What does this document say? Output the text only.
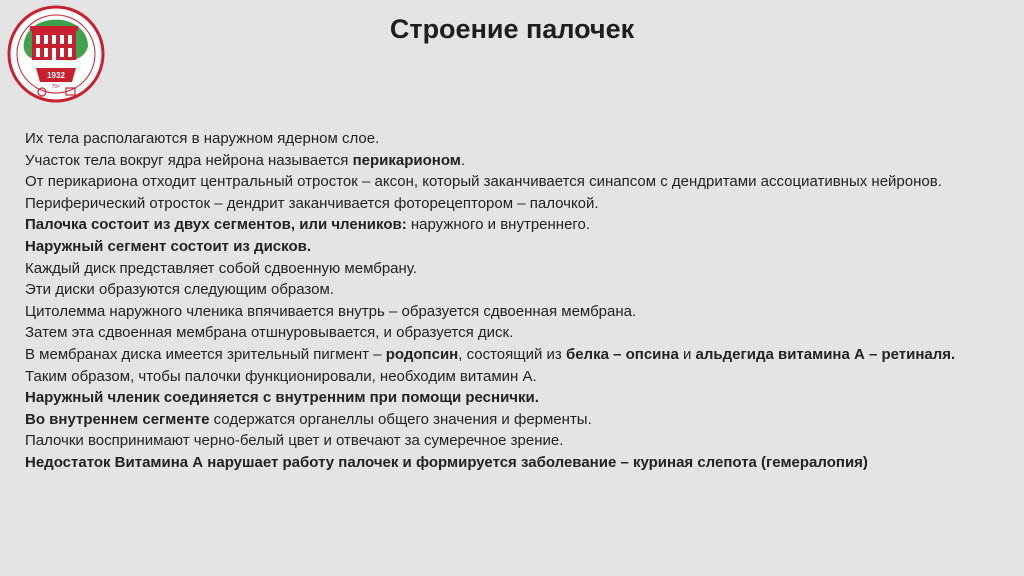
1932
70+
Строение палочек

Их тела располагаются в наружном ядерном слое.

Участок тела вокруг ядра нейрона называется перикарионом.

От перикариона отходит центральный отросток – аксон, который заканчивается синапсом с дендритами ассоциативных нейронов.

Периферический отросток – дендрит заканчивается фоторецептором – палочкой.

Палочка состоит из двух сегментов, или члеников: наружного и внутреннего.

Наружный сегмент состоит из дисков.

Каждый диск представляет собой сдвоенную мембрану.

Эти диски образуются следующим образом.

Цитолемма наружного членика впячивается внутрь – образуется сдвоенная мембрана.

Затем эта сдвоенная мембрана отшнуровывается, и образуется диск.

В мембранах диска имеется зрительный пигмент – родопсин, состоящий из белка – опсина и альдегида витамина А – ретиналя.

Таким образом, чтобы палочки функционировали, необходим витамин А.

Наружный членик соединяется с внутренним при помощи реснички.

Во внутреннем сегменте содержатся органеллы общего значения и ферменты.

Палочки воспринимают черно-белый цвет и отвечают за сумеречное зрение.

Недостаток Витамина А нарушает работу палочек и формируется заболевание – куриная слепота (гемералопия)
